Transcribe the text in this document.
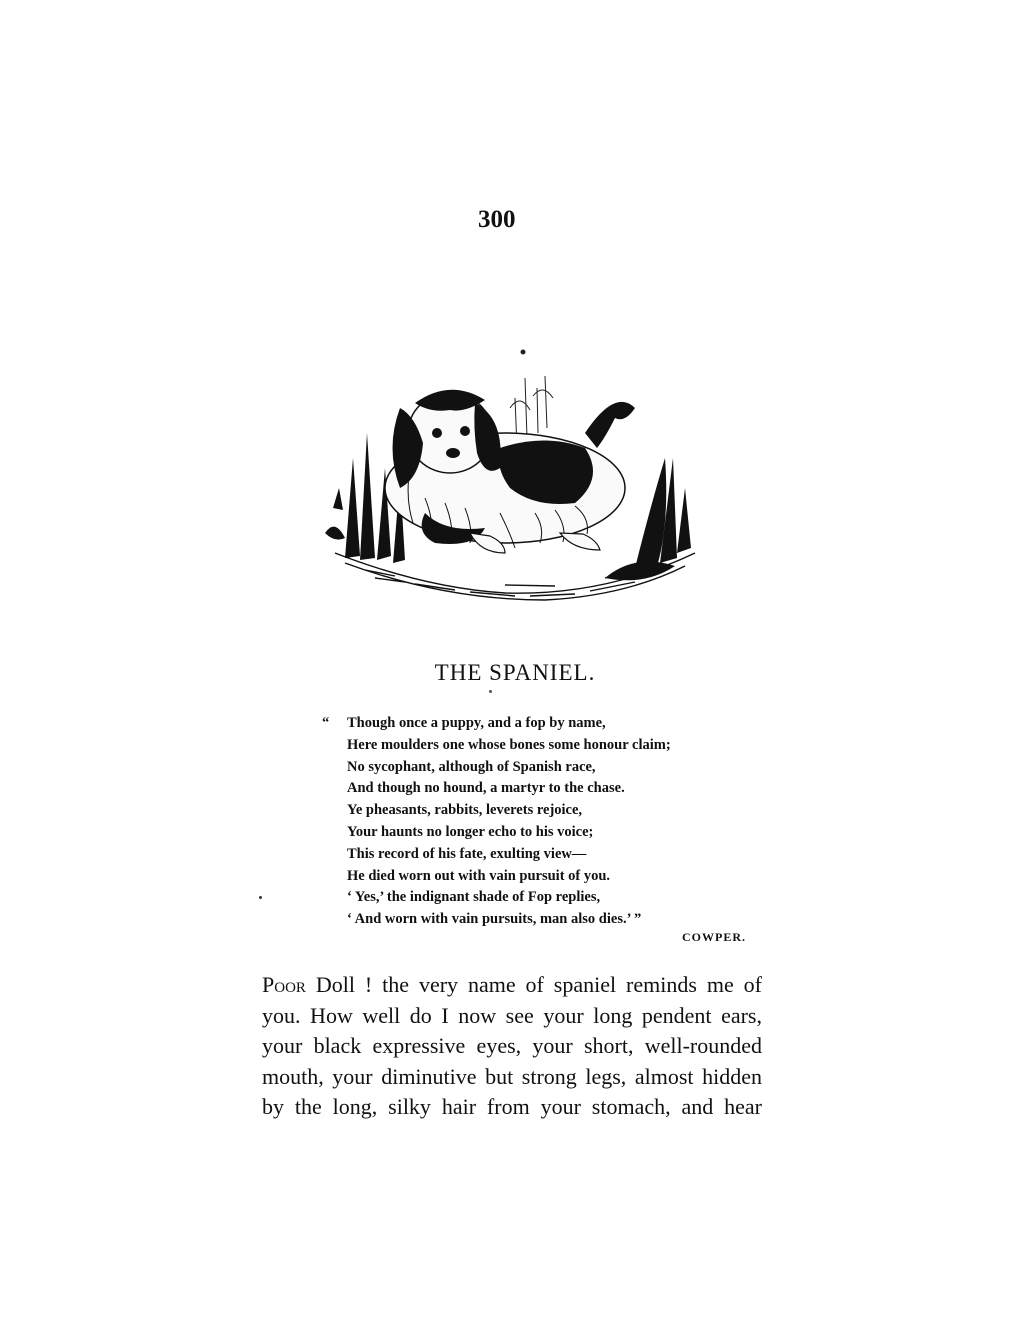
300
THE SPANIEL.
“ Though once a puppy, and a fop by name,
Here moulders one whose bones some honour claim;
No sycophant, although of Spanish race,
And though no hound, a martyr to the chase.
Ye pheasants, rabbits, leverets rejoice,
Your haunts no longer echo to his voice;
This record of his fate, exulting view—
He died worn out with vain pursuit of you.
‘ Yes,’ the indignant shade of Fop replies,
‘ And worn with vain pursuits, man also dies.’ ”
COWPER.
Poor Doll ! the very name of spaniel reminds me of
you. How well do I now see your long pendent ears,
your black expressive eyes, your short, well-rounded
mouth, your diminutive but strong legs, almost hidden
by the long, silky hair from your stomach, and hear
